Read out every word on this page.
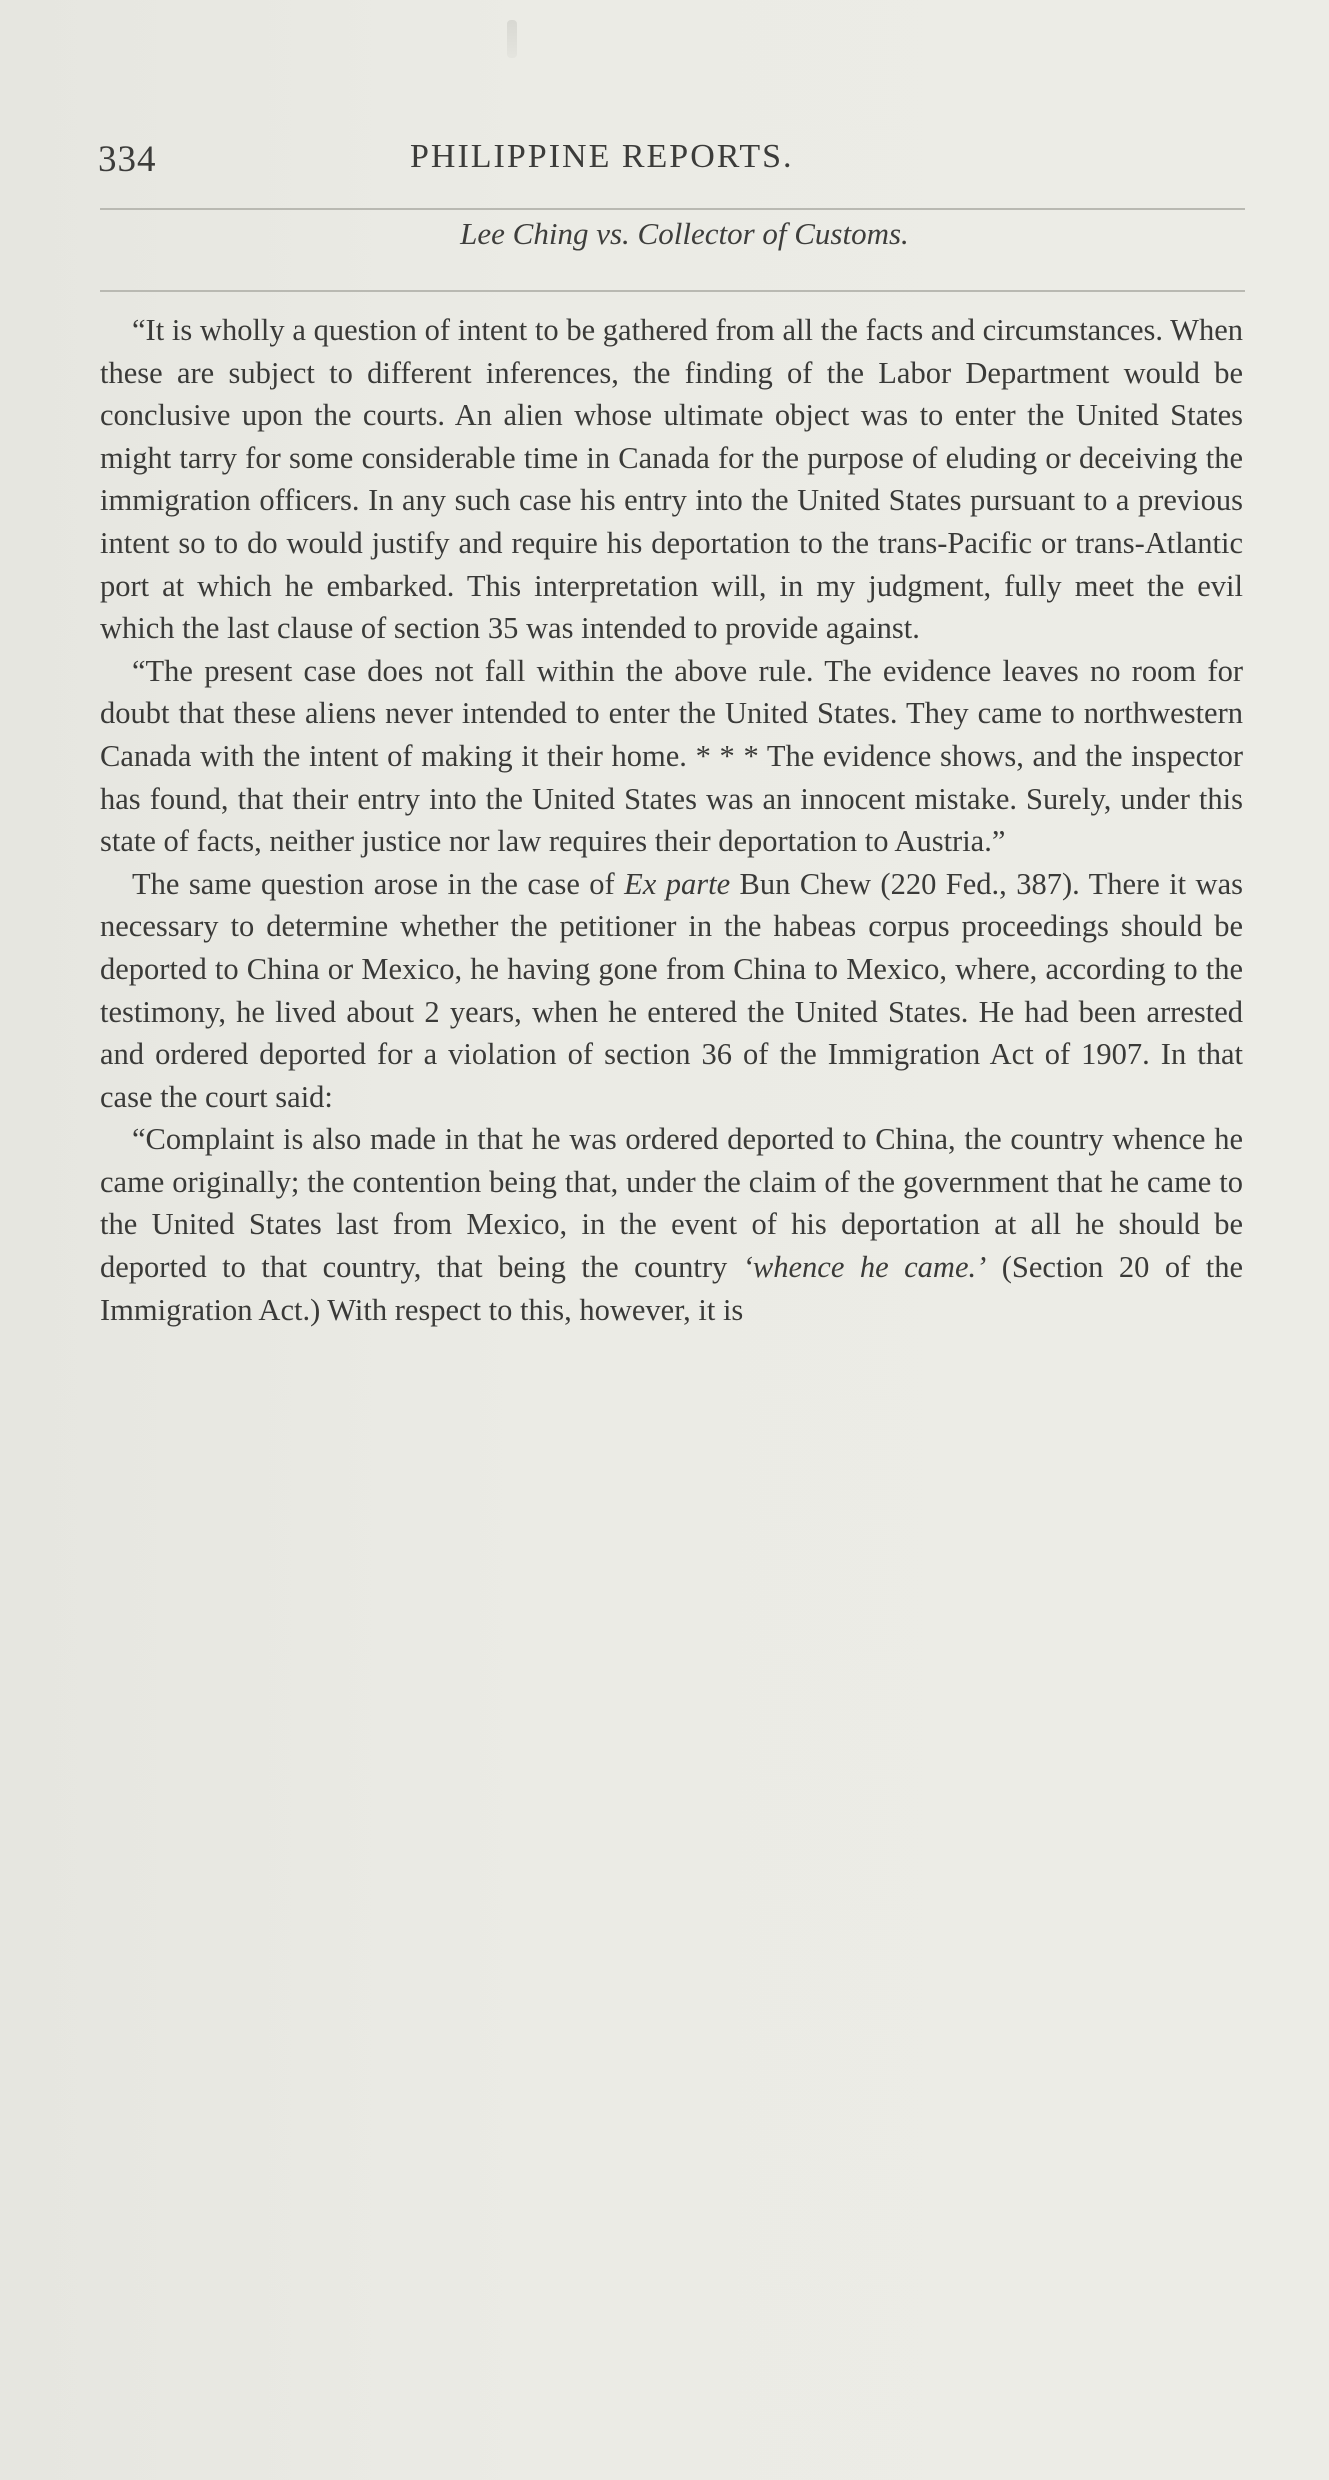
334	PHILIPPINE REPORTS.
Lee Ching vs. Collector of Customs.

“It is wholly a question of intent to be gathered from all the facts and circumstances. When these are subject to different inferences, the finding of the Labor Department would be conclusive upon the courts. An alien whose ultimate object was to enter the United States might tarry for some considerable time in Canada for the purpose of eluding or deceiving the immigration officers. In any such case his entry into the United States pursuant to a previous intent so to do would justify and require his deportation to the trans-Pacific or trans-Atlantic port at which he embarked. This interpretation will, in my judgment, fully meet the evil which the last clause of section 35 was intended to provide against.

“The present case does not fall within the above rule. The evidence leaves no room for doubt that these aliens never intended to enter the United States. They came to northwestern Canada with the intent of making it their home. * * * The evidence shows, and the inspector has found, that their entry into the United States was an innocent mistake. Surely, under this state of facts, neither justice nor law requires their deportation to Austria.”

The same question arose in the case of Ex parte Bun Chew (220 Fed., 387). There it was necessary to determine whether the petitioner in the habeas corpus proceedings should be deported to China or Mexico, he having gone from China to Mexico, where, according to the testimony, he lived about 2 years, when he entered the United States. He had been arrested and ordered deported for a violation of section 36 of the Immigration Act of 1907. In that case the court said:

“Complaint is also made in that he was ordered deported to China, the country whence he came originally; the contention being that, under the claim of the government that he came to the United States last from Mexico, in the event of his deportation at all he should be deported to that country, that being the country ‘whence he came.’ (Section 20 of the Immigration Act.) With respect to this, however, it is
